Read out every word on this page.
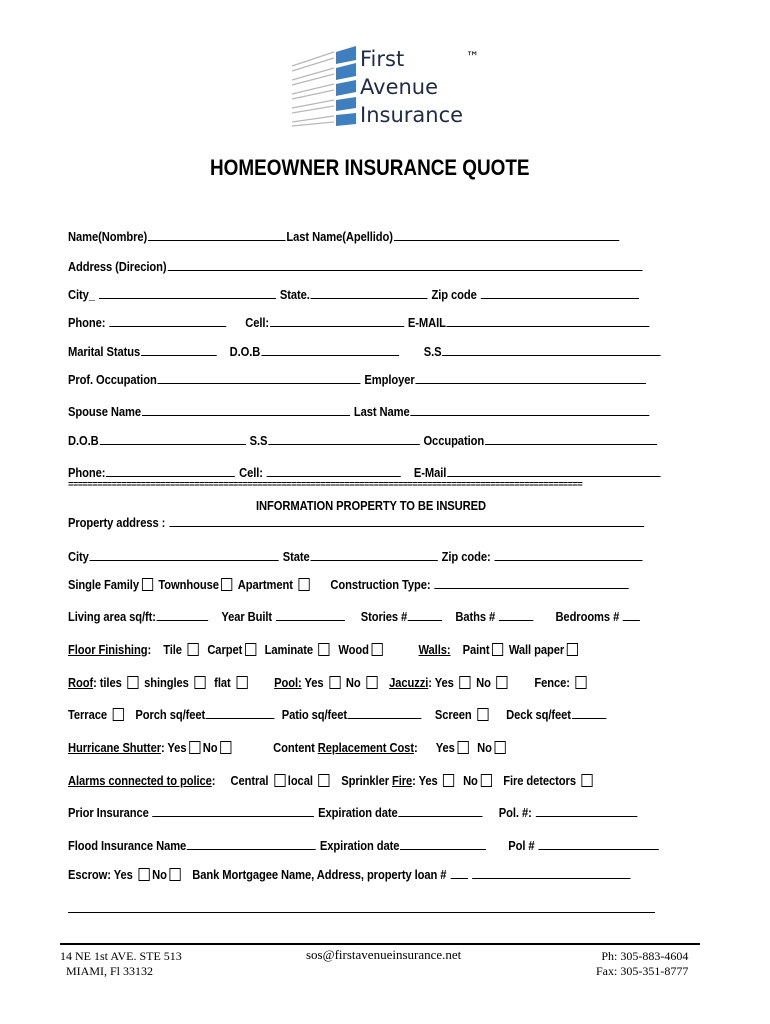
First
Avenue
Insurance
™
HOMEOWNER INSURANCE QUOTE
Name(Nombre)	Last Name(Apellido)
Address (Direcion)
City_	State.	Zip code
Phone:	Cell:	E-MAIL
Marital Status	D.O.B	S.S
Prof. Occupation	Employer
Spouse Name	Last Name
D.O.B	S.S	Occupation
Phone:	Cell:	E-Mail
==========================================================================================================
INFORMATION PROPERTY TO BE INSURED
Property address :
City	State	Zip code:
Single Family Townhouse Apartment	Construction Type:
Living area sq/ft:	Year Built	Stories #	Baths #	Bedrooms #
Floor Finishing: Tile Carpet Laminate Wood	Walls: Paint Wall paper
Roof: tiles shingles flat	Pool: Yes No Jacuzzi: Yes No	Fence:
Terrace Porch sq/feet	Patio sq/feet	Screen	Deck sq/feet
Hurricane Shutter: Yes No	Content Replacement Cost:      Yes No
Alarms connected to police: Central local Sprinkler Fire: Yes No Fire detectors
Prior Insurance	Expiration date	Pol. #:
Flood Insurance Name	Expiration date	Pol #
Escrow: Yes No Bank Mortgagee Name, Address, property loan #
14 NE 1st AVE. STE 513
MIAMI, Fl 33132
sos@firstavenueinsurance.net	Ph: 305-883-4604
Fax: 305-351-8777
